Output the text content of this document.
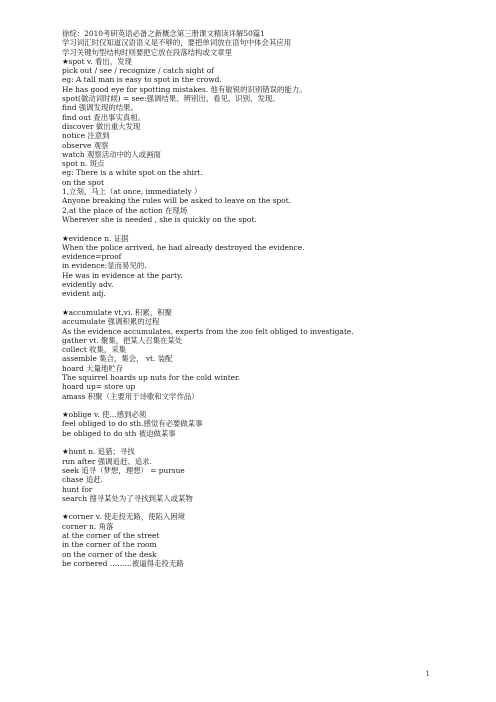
徐绽：2010考研英语必备之新概念第三册课文精读详解50篇1
学习词汇时仅知道汉语语义是不够的，要把单词放在语句中体会其应用
学习关键句型结构时则要把它放在段落结构或文章里
★spot v. 看出，发现
pick out / see / recognize / catch sight of
eg: A tall man is easy to spot in the crowd.
He has good eye for spotting mistakes. 他有敏锐的识别错误的能力。
spot(做动词时候) = see:强调结果、辨别出、看见、识别、发现。
find 强调发现的结果。
find out 查出事实真相。
discover 做出重大发现
notice 注意到
observe 观察
watch 观察活动中的人或画面
spot n. 斑点
eg: There is a white spot on the shirt.
on the spot
1,立刻，马上（at once, immediately ）
Anyone breaking the rules will be asked to leave on the spot.
2,at the place of the action 在现场
Wherever she is needed , she is quickly on the spot.
★evidence n. 证据
When the police arrived, he had already destroyed the evidence.
evidence=proof
in evidence:显而易见的.
He was in evidence at the party.
evidently adv.
evident adj.
★accumulate vt,vi. 积累，积聚
accumulate 强调积累的过程
As the evidence accumulates, experts from the zoo felt obliged to investigate.
gather vt. 聚集，把某人召集在某处
collect 收集，采集
assemble 集合，集会， vt. 装配
hoard 大量地贮存
The squirrel hoards up nuts for the cold winter.
hoard up= store up
amass 积聚（主要用于诗歌和文学作品）
★oblige v. 使…感到必须
feel obliged to do sth.感觉有必要做某事
be obliged to do sth 被迫做某事
★hunt n. 追猎；寻找
run after 强调追赶、追求.
seek 追寻（梦想，理想） = pursue
chase 追赶.
hunt for
search 搜寻某处为了寻找到某人或某物
★corner v. 使走投无路，使陷入困境
corner n. 角落
at the corner of the street
in the corner of the room
on the corner of the desk
be cornered ………被逼得走投无路
1
